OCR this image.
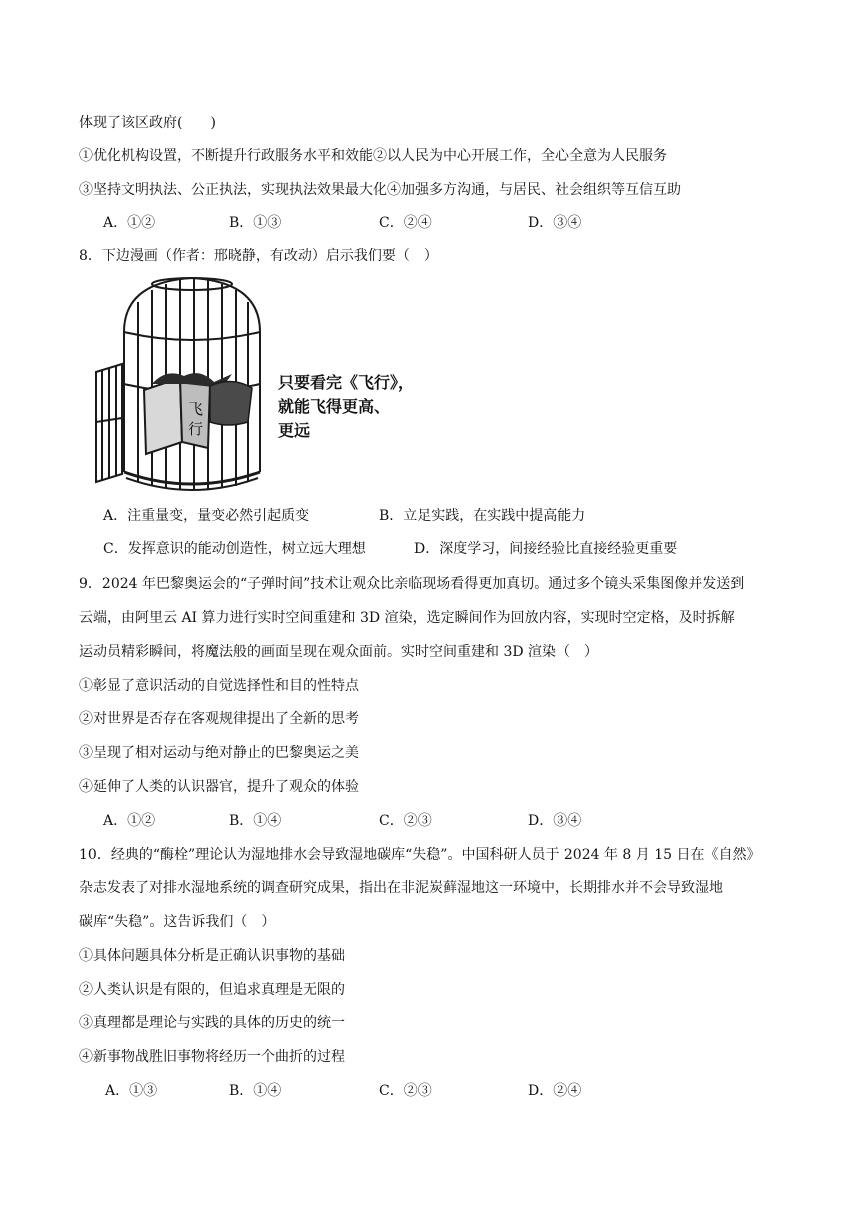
体现了该区政府(　　)
①优化机构设置，不断提升行政服务水平和效能②以人民为中心开展工作，全心全意为人民服务
③坚持文明执法、公正执法，实现执法效果最大化④加强多方沟通，与居民、社会组织等互信互助
A．①②	B．①③	C．②④	D．③④
8．下边漫画（作者：邢晓静，有改动）启示我们要（　）
飞
行
只要看完《飞行》，
就能飞得更高、
更远
A．注重量变，量变必然引起质变	B．立足实践，在实践中提高能力
C．发挥意识的能动创造性，树立远大理想	D．深度学习，间接经验比直接经验更重要
9．2024 年巴黎奥运会的“子弹时间”技术让观众比亲临现场看得更加真切。通过多个镜头采集图像并发送到
云端，由阿里云 AI 算力进行实时空间重建和 3D 渲染，选定瞬间作为回放内容，实现时空定格，及时拆解
运动员精彩瞬间，将魔法般的画面呈现在观众面前。实时空间重建和 3D 渲染（　）
①彰显了意识活动的自觉选择性和目的性特点
②对世界是否存在客观规律提出了全新的思考
③呈现了相对运动与绝对静止的巴黎奥运之美
④延伸了人类的认识器官，提升了观众的体验
A．①②	B．①④	C．②③	D．③④
10．经典的“酶栓”理论认为湿地排水会导致湿地碳库“失稳”。中国科研人员于 2024 年 8 月 15 日在《自然》
杂志发表了对排水湿地系统的调查研究成果，指出在非泥炭藓湿地这一环境中，长期排水并不会导致湿地
碳库“失稳”。这告诉我们（　）
①具体问题具体分析是正确认识事物的基础
②人类认识是有限的，但追求真理是无限的
③真理都是理论与实践的具体的历史的统一
④新事物战胜旧事物将经历一个曲折的过程
A．①③	B．①④	C．②③	D．②④
